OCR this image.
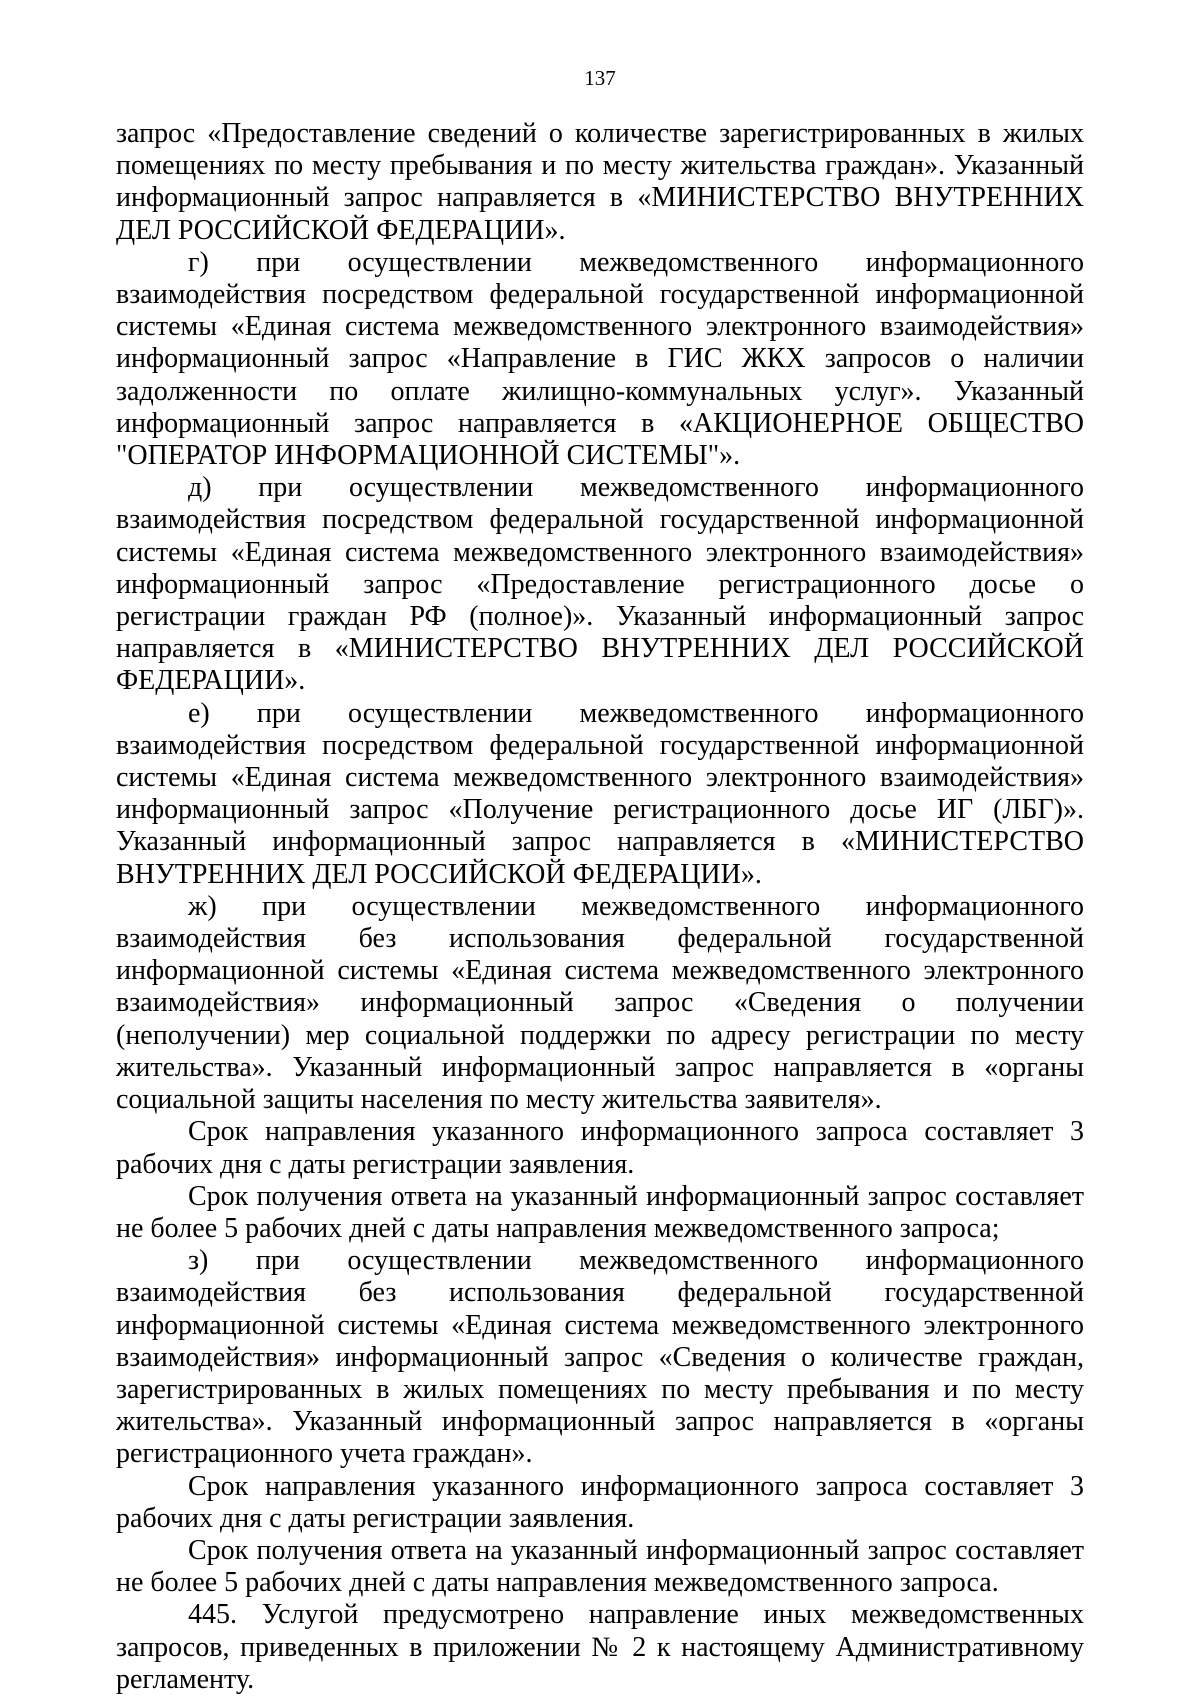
137

запрос «Предоставление сведений о количестве зарегистрированных в жилых помещениях по месту пребывания и по месту жительства граждан». Указанный информационный запрос направляется в «МИНИСТЕРСТВО ВНУТРЕННИХ ДЕЛ РОССИЙСКОЙ ФЕДЕРАЦИИ».

г) при осуществлении межведомственного информационного взаимодействия посредством федеральной государственной информационной системы «Единая система межведомственного электронного взаимодействия» информационный запрос «Направление в ГИС ЖКХ запросов о наличии задолженности по оплате жилищно-коммунальных услуг». Указанный информационный запрос направляется в «АКЦИОНЕРНОЕ ОБЩЕСТВО "ОПЕРАТОР ИНФОРМАЦИОННОЙ СИСТЕМЫ"».

д) при осуществлении межведомственного информационного взаимодействия посредством федеральной государственной информационной системы «Единая система межведомственного электронного взаимодействия» информационный запрос «Предоставление регистрационного досье о регистрации граждан РФ (полное)». Указанный информационный запрос направляется в «МИНИСТЕРСТВО ВНУТРЕННИХ ДЕЛ РОССИЙСКОЙ ФЕДЕРАЦИИ».

е) при осуществлении межведомственного информационного взаимодействия посредством федеральной государственной информационной системы «Единая система межведомственного электронного взаимодействия» информационный запрос «Получение регистрационного досье ИГ (ЛБГ)». Указанный информационный запрос направляется в «МИНИСТЕРСТВО ВНУТРЕННИХ ДЕЛ РОССИЙСКОЙ ФЕДЕРАЦИИ».

ж) при осуществлении межведомственного информационного взаимодействия без использования федеральной государственной информационной системы «Единая система межведомственного электронного взаимодействия» информационный запрос «Сведения о получении (неполучении) мер социальной поддержки по адресу регистрации по месту жительства». Указанный информационный запрос направляется в «органы социальной защиты населения по месту жительства заявителя».

Срок направления указанного информационного запроса составляет 3 рабочих дня с даты регистрации заявления.

Срок получения ответа на указанный информационный запрос составляет не более 5 рабочих дней с даты направления межведомственного запроса;

з) при осуществлении межведомственного информационного взаимодействия без использования федеральной государственной информационной системы «Единая система межведомственного электронного взаимодействия» информационный запрос «Сведения о количестве граждан, зарегистрированных в жилых помещениях по месту пребывания и по месту жительства». Указанный информационный запрос направляется в «органы регистрационного учета граждан».

Срок направления указанного информационного запроса составляет 3 рабочих дня с даты регистрации заявления.

Срок получения ответа на указанный информационный запрос составляет не более 5 рабочих дней с даты направления межведомственного запроса.

445. Услугой предусмотрено направление иных межведомственных запросов, приведенных в приложении № 2 к настоящему Административному регламенту.
